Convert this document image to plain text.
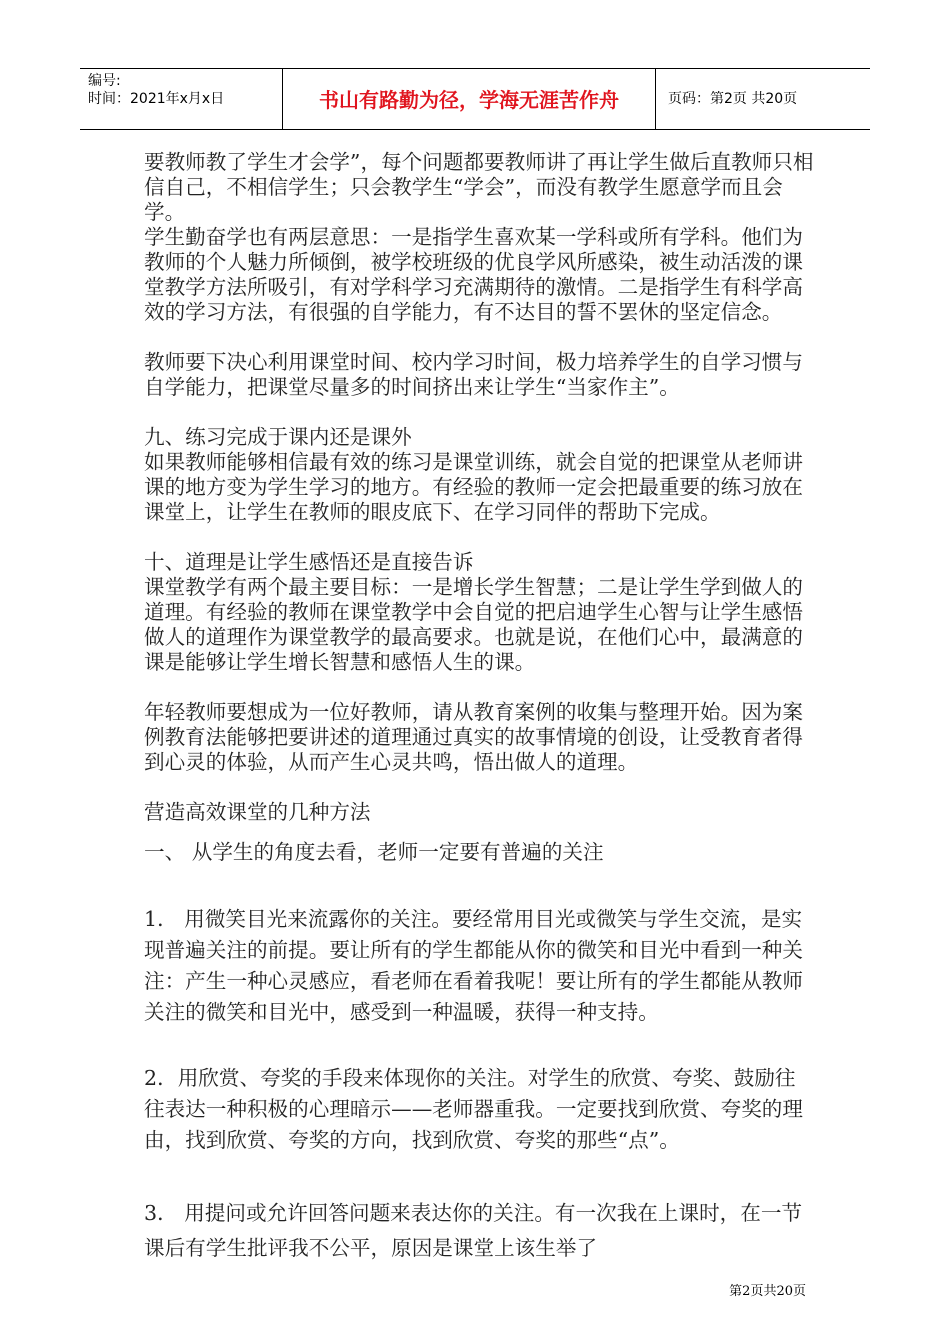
编号:
时间：2021年x月x日	书山有路勤为径，学海无涯苦作舟	页码：第2页 共20页

要教师教了学生才会学”，每个问题都要教师讲了再让学生做后直教师只相信自己，不相信学生；只会教学生“学会”，而没有教学生愿意学而且会学。

学生勤奋学也有两层意思：一是指学生喜欢某一学科或所有学科。他们为教师的个人魅力所倾倒，被学校班级的优良学风所感染，被生动活泼的课堂教学方法所吸引，有对学科学习充满期待的激情。二是指学生有科学高效的学习方法，有很强的自学能力，有不达目的誓不罢休的坚定信念。

教师要下决心利用课堂时间、校内学习时间，极力培养学生的自学习惯与自学能力，把课堂尽量多的时间挤出来让学生“当家作主”。

九、练习完成于课内还是课外

如果教师能够相信最有效的练习是课堂训练，就会自觉的把课堂从老师讲课的地方变为学生学习的地方。有经验的教师一定会把最重要的练习放在课堂上，让学生在教师的眼皮底下、在学习同伴的帮助下完成。

十、道理是让学生感悟还是直接告诉

课堂教学有两个最主要目标：一是增长学生智慧；二是让学生学到做人的道理。有经验的教师在课堂教学中会自觉的把启迪学生心智与让学生感悟做人的道理作为课堂教学的最高要求。也就是说，在他们心中，最满意的课是能够让学生增长智慧和感悟人生的课。

年轻教师要想成为一位好教师，请从教育案例的收集与整理开始。因为案例教育法能够把要讲述的道理通过真实的故事情境的创设，让受教育者得到心灵的体验，从而产生心灵共鸣，悟出做人的道理。

营造高效课堂的几种方法

一、 从学生的角度去看，老师一定要有普遍的关注

1． 用微笑目光来流露你的关注。要经常用目光或微笑与学生交流，是实现普遍关注的前提。要让所有的学生都能从你的微笑和目光中看到一种关注：产生一种心灵感应，看老师在看着我呢！要让所有的学生都能从教师关注的微笑和目光中，感受到一种温暖，获得一种支持。

2．用欣赏、夸奖的手段来体现你的关注。对学生的欣赏、夸奖、鼓励往往表达一种积极的心理暗示——老师器重我。一定要找到欣赏、夸奖的理由，找到欣赏、夸奖的方向，找到欣赏、夸奖的那些“点”。

3． 用提问或允许回答问题来表达你的关注。有一次我在上课时，在一节课后有学生批评我不公平，原因是课堂上该生举了

第2页共20页
